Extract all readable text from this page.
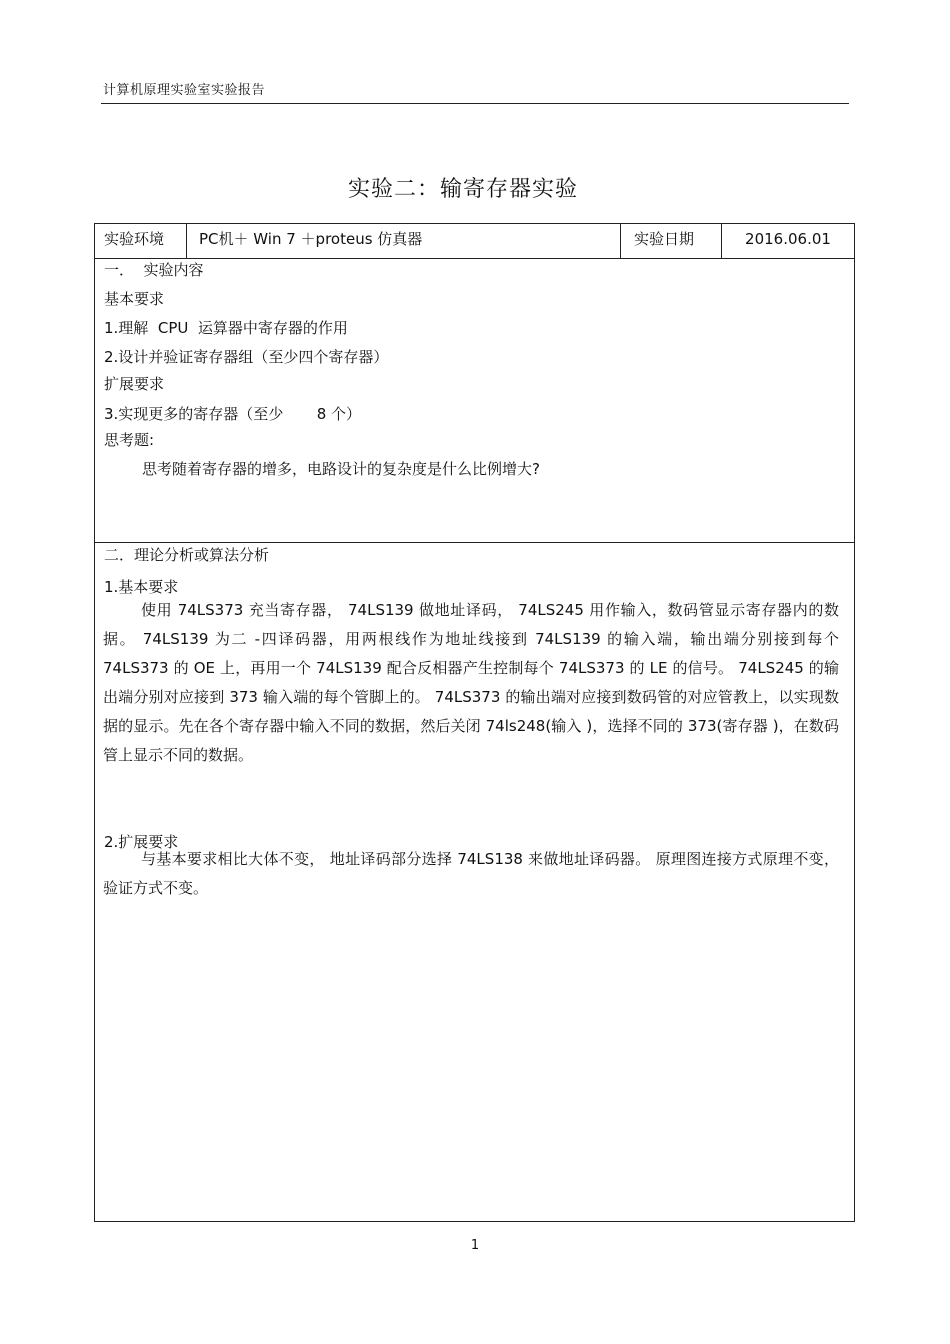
计算机原理实验室实验报告
实验二：输寄存器实验
实验环境	PC机＋ Win 7 ＋proteus 仿真器	实验日期	2016.06.01
一．  实验内容
基本要求
1.理解  CPU  运算器中寄存器的作用
2.设计并验证寄存器组（至少四个寄存器）
扩展要求
3.实现更多的寄存器（至少       8 个）
思考题:
思考随着寄存器的增多，电路设计的复杂度是什么比例增大?
二．理论分析或算法分析
1.基本要求
使用 74LS373 充当寄存器， 74LS139 做地址译码， 74LS245 用作输入，数码管显示寄存器内的数据。 74LS139 为二 -四译码器，用两根线作为地址线接到 74LS139 的输入端，输出端分别接到每个 74LS373 的 OE 上，再用一个 74LS139 配合反相器产生控制每个 74LS373 的 LE 的信号。 74LS245 的输出端分别对应接到 373 输入端的每个管脚上的。 74LS373 的输出端对应接到数码管的对应管教上，以实现数据的显示。先在各个寄存器中输入不同的数据，然后关闭 74ls248(输入 )，选择不同的 373(寄存器 )，在数码管上显示不同的数据。
2.扩展要求
与基本要求相比大体不变， 地址译码部分选择 74LS138 来做地址译码器。 原理图连接方式原理不变，验证方式不变。
1
